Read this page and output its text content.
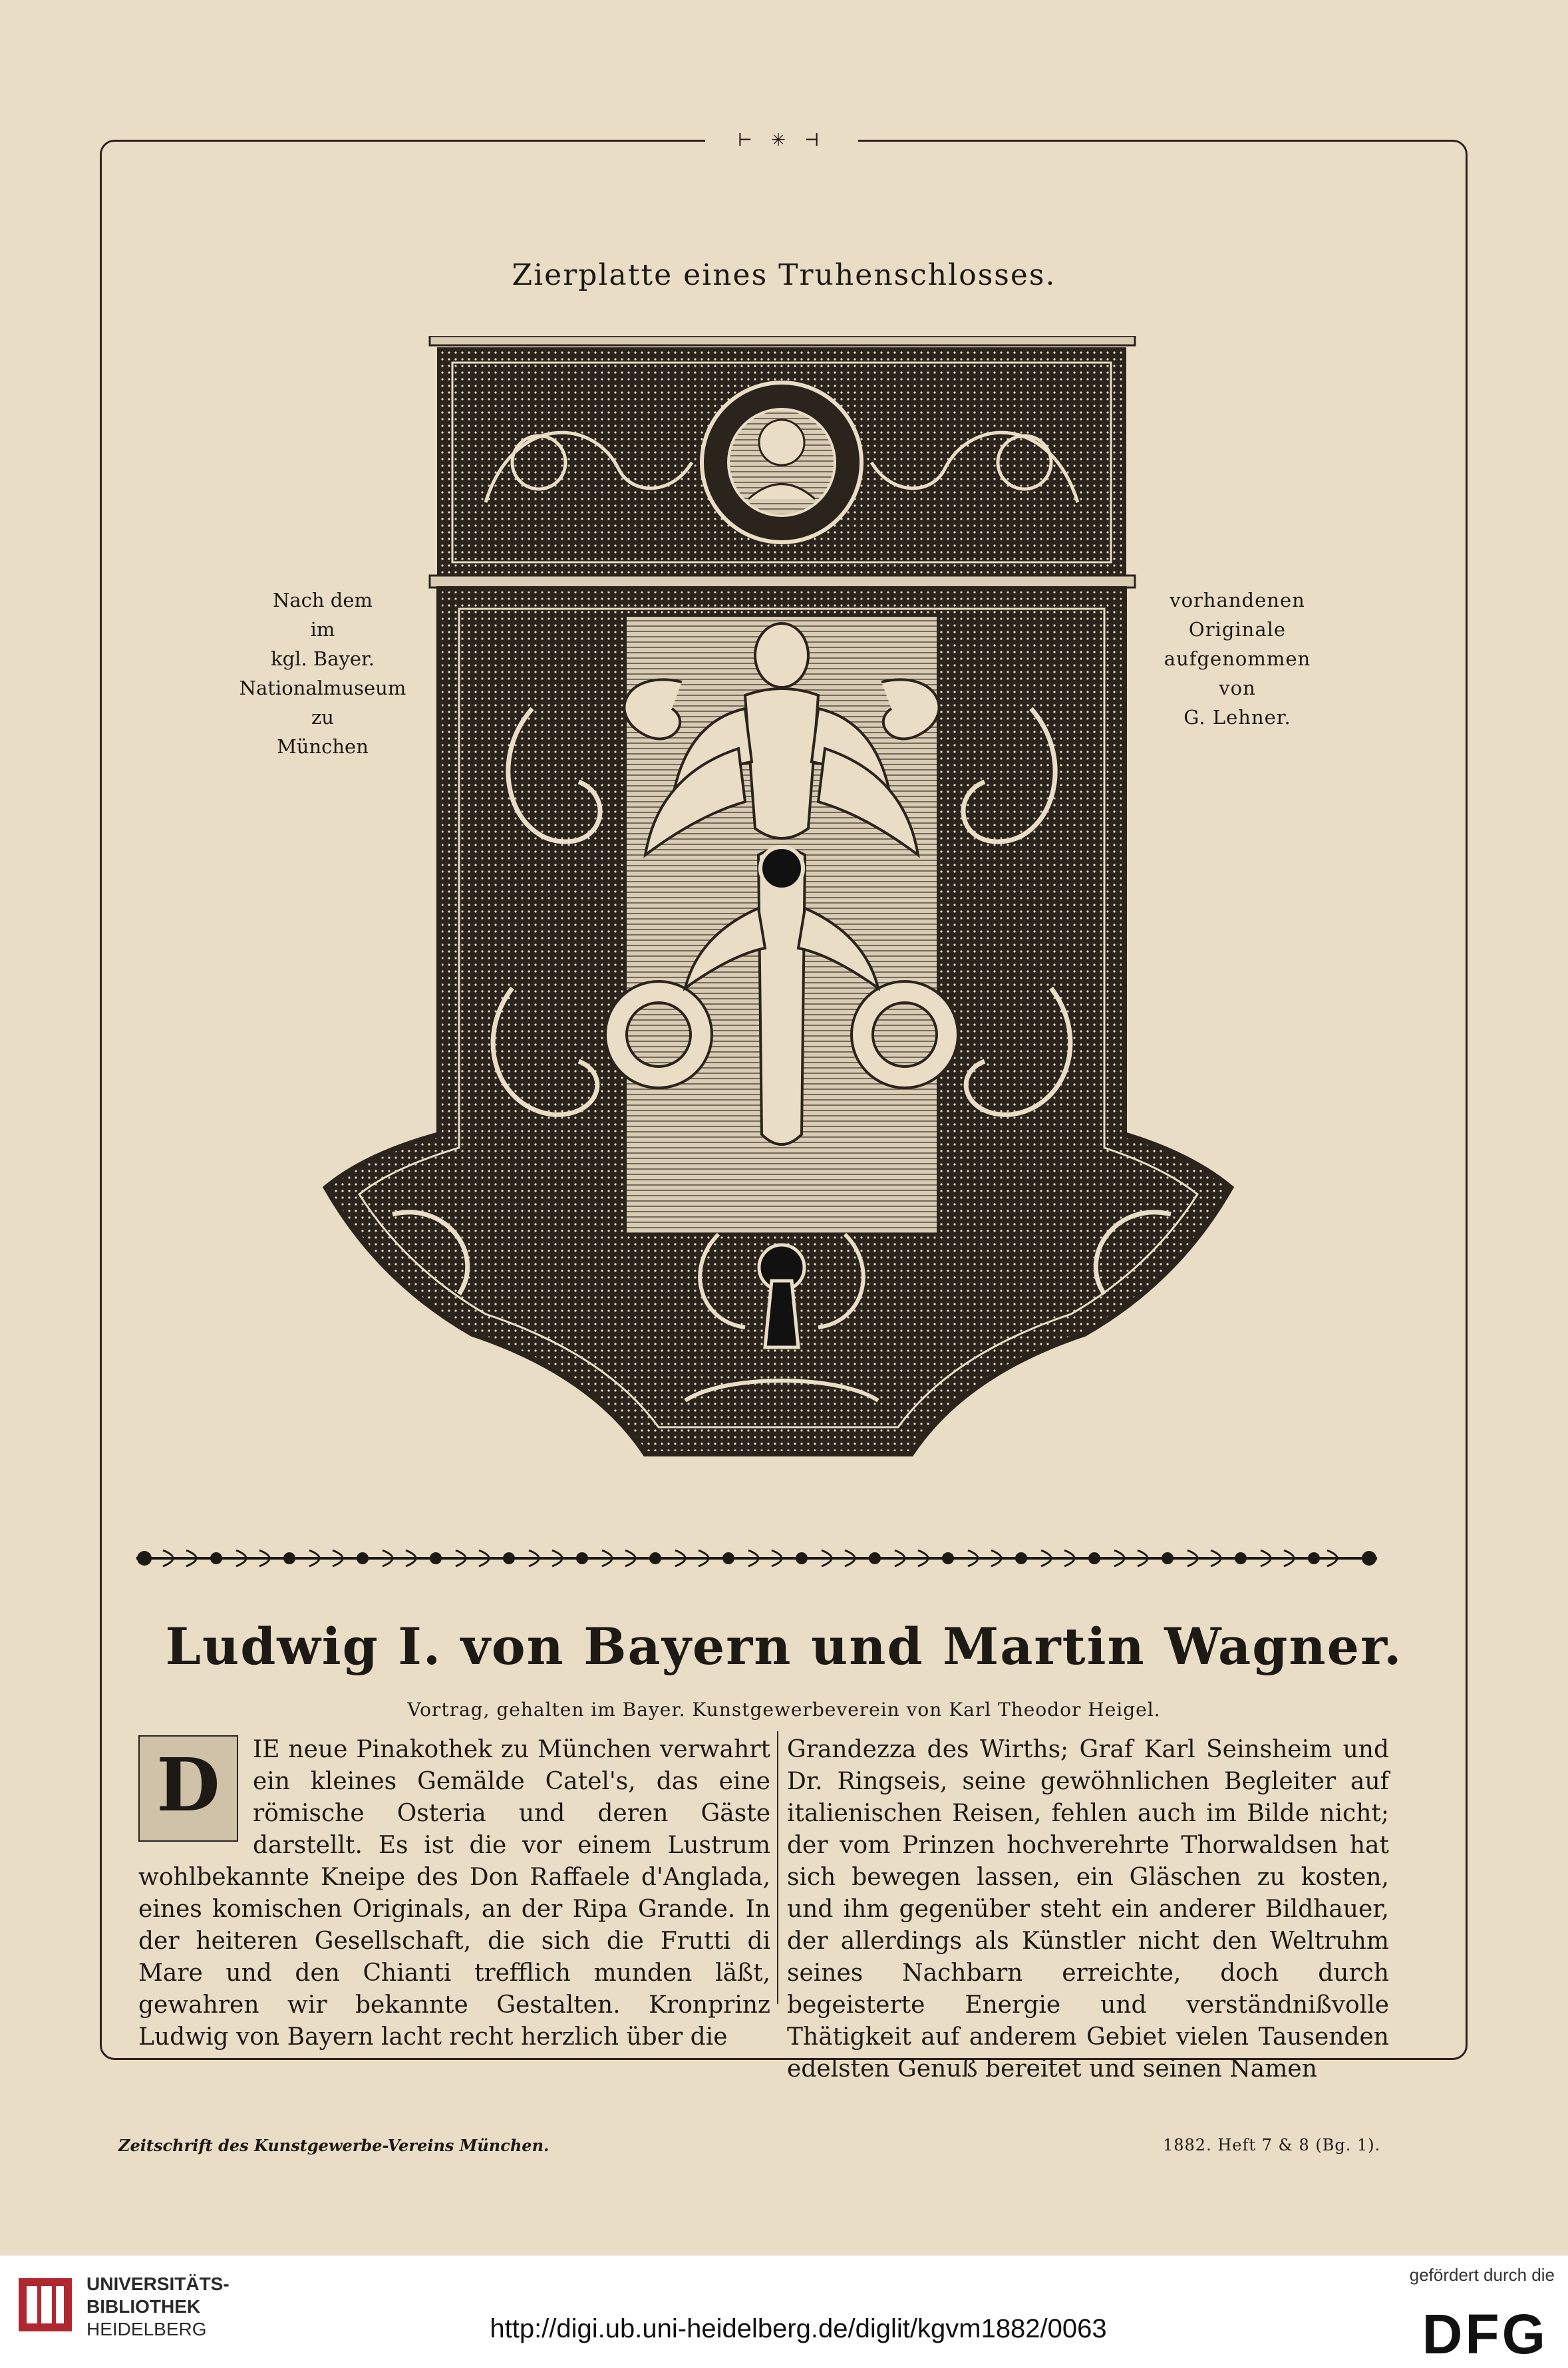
⊢ ✳ ⊣
Zierplatte eines Truhenschlosses.
Nach dem
im
kgl. Bayer.
Nationalmuseum
zu
München
vorhandenen
Originale
aufgenommen
von
G. Lehner.
Ludwig I. von Bayern und Martin Wagner.
Vortrag, gehalten im Bayer. Kunstgewerbeverein von Karl Theodor Heigel.
D	IE neue Pinakothek zu München verwahrt ein kleines Gemälde Catel's, das eine römische Osteria und deren Gäste darstellt. Es ist die vor einem Lustrum wohlbekannte Kneipe des Don Raffaele d'Anglada, eines komischen Originals, an der Ripa Grande. In der heiteren Gesellschaft, die sich die Frutti di Mare und den Chianti trefflich munden läßt, gewahren wir bekannte Gestalten. Kronprinz Ludwig von Bayern lacht recht herzlich über die
Grandezza des Wirths; Graf Karl Seinsheim und Dr. Ringseis, seine gewöhnlichen Begleiter auf italienischen Reisen, fehlen auch im Bilde nicht; der vom Prinzen hochverehrte Thorwaldsen hat sich bewegen lassen, ein Gläschen zu kosten, und ihm gegenüber steht ein anderer Bildhauer, der allerdings als Künstler nicht den Weltruhm seines Nachbarn erreichte, doch durch begeisterte Energie und verständnißvolle Thätigkeit auf anderem Gebiet vielen Tausenden edelsten Genuß bereitet und seinen Namen
Zeitschrift des Kunstgewerbe-Vereins München.	1882. Heft 7 & 8 (Bg. 1).
UNIVERSITÄTS-
BIBLIOTHEK
HEIDELBERG	http://digi.ub.uni-heidelberg.de/diglit/kgvm1882/0063
gefördert durch die
DFG
